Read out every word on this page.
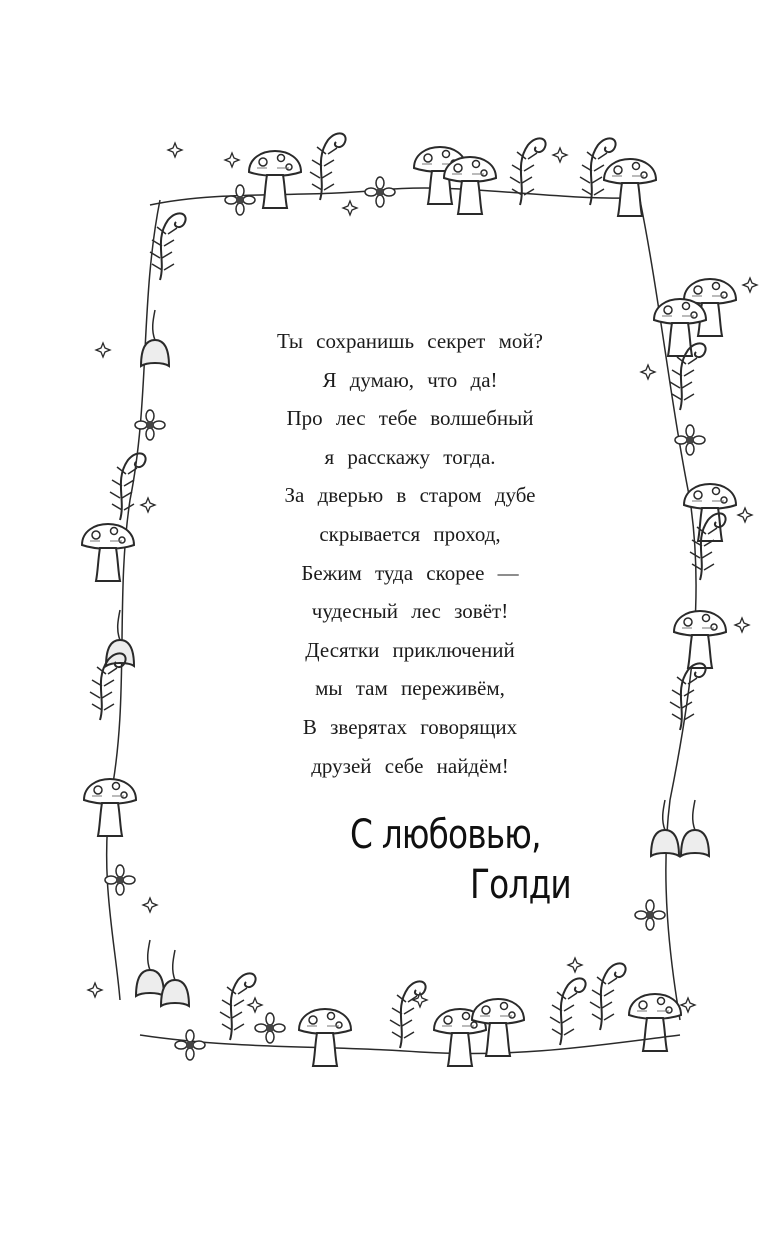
Ты сохранишь секрет мой?
Я думаю, что да!
Про лес тебе волшебный
я расскажу тогда.
За дверью в старом дубе
скрывается проход,
Бежим туда скорее —
чудесный лес зовёт!
Десятки приключений
мы там переживём,
В зверятах говорящих
друзей себе найдём!
С любовью,
Голди
